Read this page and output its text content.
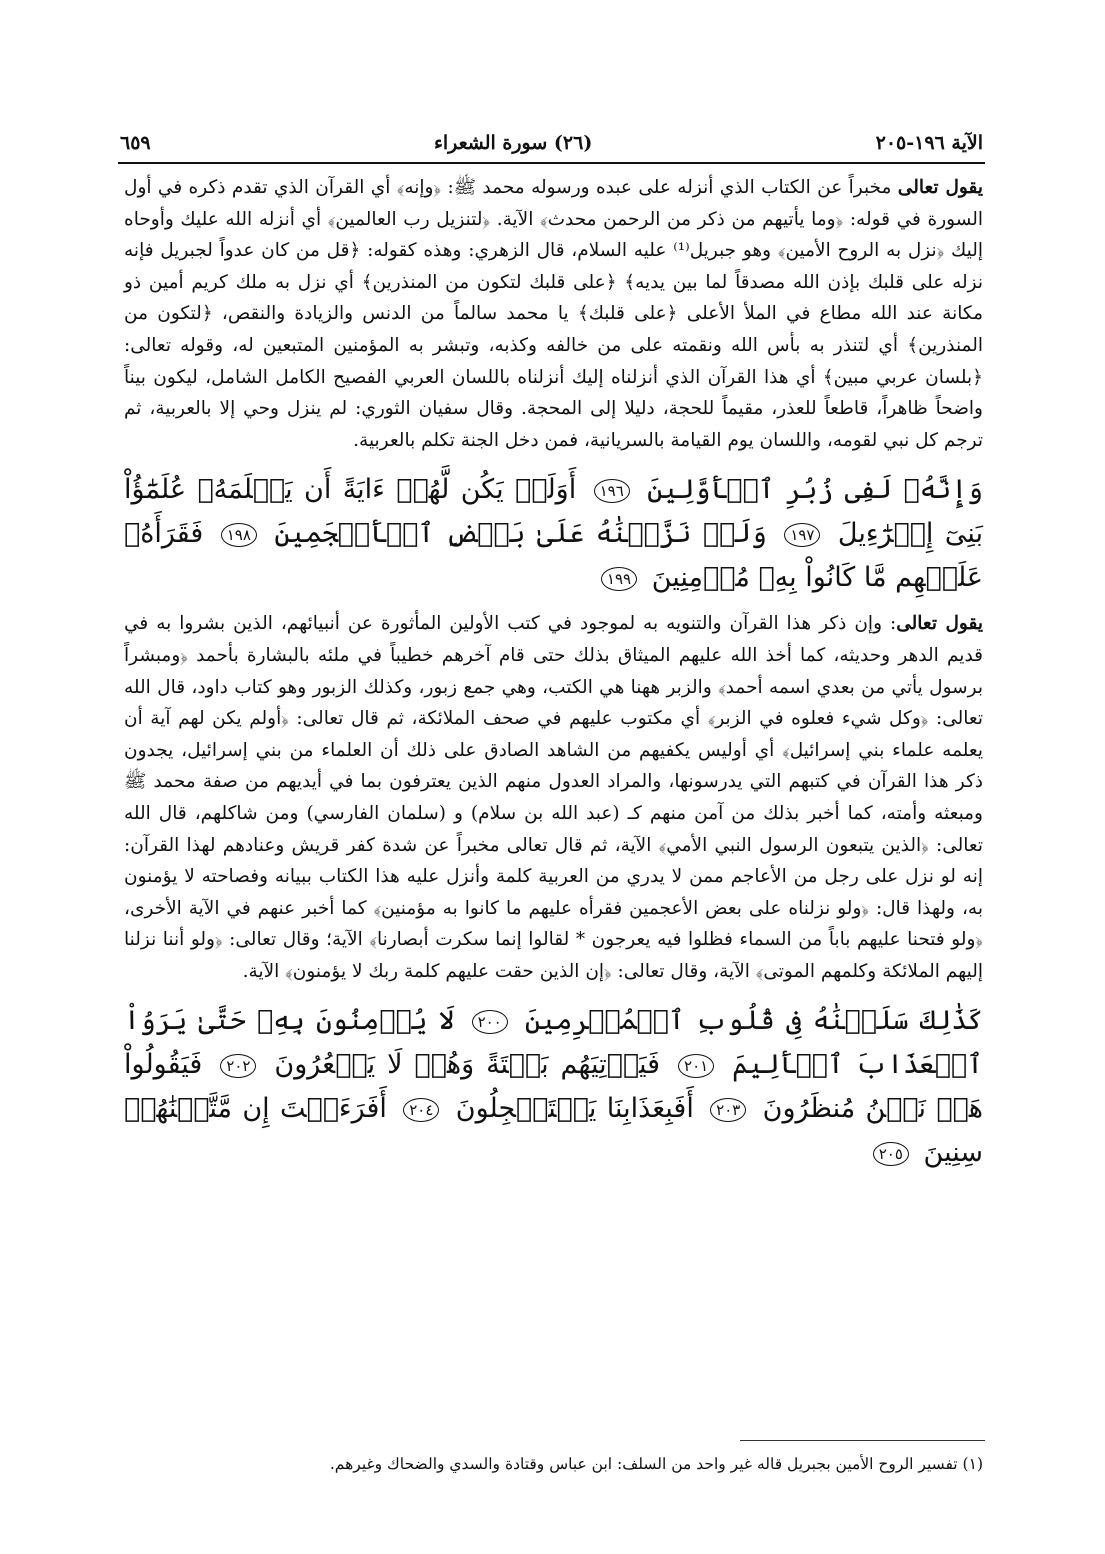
الآية ١٩٦-٢٠٥
(٢٦) سورة الشعراء
٦٥٩

يقول تعالى مخبراً عن الكتاب الذي أنزله على عبده ورسوله محمد ﷺ: ﴿وإنه﴾ أي القرآن الذي تقدم ذكره في أول السورة في قوله: ﴿وما يأتيهم من ذكر من الرحمن محدث﴾ الآية. ﴿لتنزيل رب العالمين﴾ أي أنزله الله عليك وأوحاه إليك ﴿نزل به الروح الأمين﴾ وهو جبريل⁽¹⁾ عليه السلام، قال الزهري: وهذه كقوله: ﴿قل من كان عدواً لجبريل فإنه نزله على قلبك بإذن الله مصدقاً لما بين يديه﴾ ﴿على قلبك لتكون من المنذرين﴾ أي نزل به ملك كريم أمين ذو مكانة عند الله مطاع في الملأ الأعلى ﴿على قلبك﴾ يا محمد سالماً من الدنس والزيادة والنقص، ﴿لتكون من المنذرين﴾ أي لتنذر به بأس الله ونقمته على من خالفه وكذبه، وتبشر به المؤمنين المتبعين له، وقوله تعالى: ﴿بلسان عربي مبين﴾ أي هذا القرآن الذي أنزلناه إليك أنزلناه باللسان العربي الفصيح الكامل الشامل، ليكون بيناً واضحاً ظاهراً، قاطعاً للعذر، مقيماً للحجة، دليلا إلى المحجة. وقال سفيان الثوري: لم ينزل وحي إلا بالعربية، ثم ترجم كل نبي لقومه، واللسان يوم القيامة بالسريانية، فمن دخل الجنة تكلم بالعربية.

وَإِنَّهُۥ لَفِى زُبُرِ ٱلۡأَوَّلِينَ ١٩٦ أَوَلَمۡ يَكُن لَّهُمۡ ءَايَةً أَن يَعۡلَمَهُۥ عُلَمَٰٓؤُاْ بَنِىٓ إِسۡرَٰٓءِيلَ ١٩٧ وَلَوۡ نَزَّلۡنَٰهُ عَلَىٰ بَعۡضِ ٱلۡأَعۡجَمِينَ ١٩٨ فَقَرَأَهُۥ عَلَيۡهِم مَّا كَانُواْ بِهِۦ مُؤۡمِنِينَ ١٩٩

يقول تعالى: وإن ذكر هذا القرآن والتنويه به لموجود في كتب الأولين المأثورة عن أنبيائهم، الذين بشروا به في قديم الدهر وحديثه، كما أخذ الله عليهم الميثاق بذلك حتى قام آخرهم خطيباً في ملئه بالبشارة بأحمد ﴿ومبشراً برسول يأتي من بعدي اسمه أحمد﴾ والزبر ههنا هي الكتب، وهي جمع زبور، وكذلك الزبور وهو كتاب داود، قال الله تعالى: ﴿وكل شيء فعلوه في الزبر﴾ أي مكتوب عليهم في صحف الملائكة، ثم قال تعالى: ﴿أولم يكن لهم آية أن يعلمه علماء بني إسرائيل﴾ أي أوليس يكفيهم من الشاهد الصادق على ذلك أن العلماء من بني إسرائيل، يجدون ذكر هذا القرآن في كتبهم التي يدرسونها، والمراد العدول منهم الذين يعترفون بما في أيديهم من صفة محمد ﷺ ومبعثه وأمته، كما أخبر بذلك من آمن منهم كـ (عبد الله بن سلام) و (سلمان الفارسي) ومن شاكلهم، قال الله تعالى: ﴿الذين يتبعون الرسول النبي الأمي﴾ الآية، ثم قال تعالى مخبراً عن شدة كفر قريش وعنادهم لهذا القرآن: إنه لو نزل على رجل من الأعاجم ممن لا يدري من العربية كلمة وأنزل عليه هذا الكتاب ببيانه وفصاحته لا يؤمنون به، ولهذا قال: ﴿ولو نزلناه على بعض الأعجمين فقرأه عليهم ما كانوا به مؤمنين﴾ كما أخبر عنهم في الآية الأخرى، ﴿ولو فتحنا عليهم باباً من السماء فظلوا فيه يعرجون * لقالوا إنما سكرت أبصارنا﴾ الآية؛ وقال تعالى: ﴿ولو أننا نزلنا إليهم الملائكة وكلمهم الموتى﴾ الآية، وقال تعالى: ﴿إن الذين حقت عليهم كلمة ربك لا يؤمنون﴾ الآية.

كَذَٰلِكَ سَلَكۡنَٰهُ فِى قُلُوبِ ٱلۡمُجۡرِمِينَ ٢٠٠ لَا يُؤۡمِنُونَ بِهِۦ حَتَّىٰ يَرَوُاْ ٱلۡعَذَابَ ٱلۡأَلِيمَ ٢٠١ فَيَأۡتِيَهُم بَغۡتَةً وَهُمۡ لَا يَشۡعُرُونَ ٢٠٢ فَيَقُولُواْ هَلۡ نَحۡنُ مُنظَرُونَ ٢٠٣ أَفَبِعَذَابِنَا يَسۡتَعۡجِلُونَ ٢٠٤ أَفَرَءَيۡتَ إِن مَّتَّعۡنَٰهُمۡ سِنِينَ ٢٠٥
(١) تفسير الروح الأمين بجبريل قاله غير واحد من السلف: ابن عباس وقتادة والسدي والضحاك وغيرهم.
